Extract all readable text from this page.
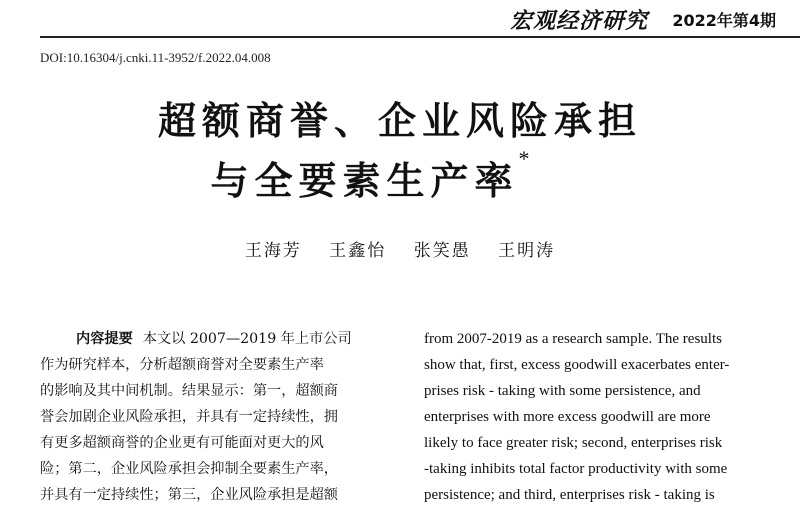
宏观经济研究 2022年第4期
DOI:10.16304/j.cnki.11-3952/f.2022.04.008
超额商誉、企业风险承担
与全要素生产率*
王海芳 王鑫怡 张笑愚 王明涛
内容提要 本文以 2007—2019 年上市公司
作为研究样本，分析超额商誉对全要素生产率
的影响及其中间机制。结果显示：第一，超额商
誉会加剧企业风险承担，并具有一定持续性，拥
有更多超额商誉的企业更有可能面对更大的风
险；第二，企业风险承担会抑制全要素生产率，
并具有一定持续性；第三，企业风险承担是超额
from 2007-2019 as a research sample. The results
show that, first, excess goodwill exacerbates enter-
prises risk - taking with some persistence, and
enterprises with more excess goodwill are more
likely to face greater risk; second, enterprises risk
-taking inhibits total factor productivity with some
persistence; and third, enterprises risk - taking is
